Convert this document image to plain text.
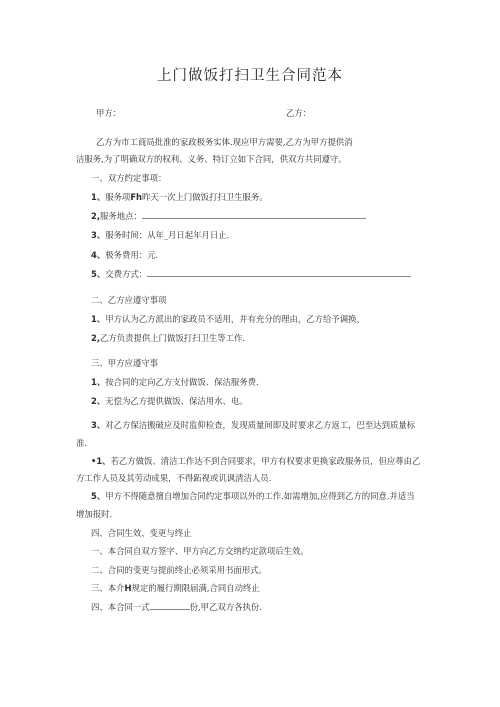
上门做饭打扫卫生合同范本
甲方：	乙方：
乙方为市工商局批准的家政极务实体.现应甲方需要,乙方为甲方提供消
洁服务,为了明确双方的权利、义务、特订立如下合同，供双方共同遵守。
一、双方约定事项：
1、服务项Fh昨天一次上门做饭打扫卫生服务。
2,服务地点：
3、服务时间：从年_月日起年月日止.
4、极务费用：元.
5、交费方式：
二、乙方应遵守事项
1、甲方认为乙方派出的家政员不适用，并有充分的理由，乙方给予调换，
2,乙方负责提供上门做饭打扫卫生等工作.
三、甲方应遵守事
1、按合同的定向乙方支付做饭、保洁服务费.
2、无偿为乙方提供做饭、保洁用水、电。
3、对乙方保洁搬破应及时监仰检查，发现质量间即及时要求乙方返工，巴至达到质量标
准.
•1、若乙方做饭、清洁工作达不到合同要求，甲方有权要求更换家政服务员，但应尊由乙
方工作人员及其劳动成果，不得跖视或讥讽清洁人员.
5、甲方不得随意擅自增加合同约定事项以外的工作.如需增加,应得到乙方的同意.并适当
增加报时.
四、合同生效、变更与终止
一、本合同自双方签字、甲方向乙方交纳约定款项后生效。
二、合同的变更与提前终止必须采用书面形式。
三、本介H规定的履行期限届满,合同自动终止
四、本合同一式	份,甲乙双方各执份.
